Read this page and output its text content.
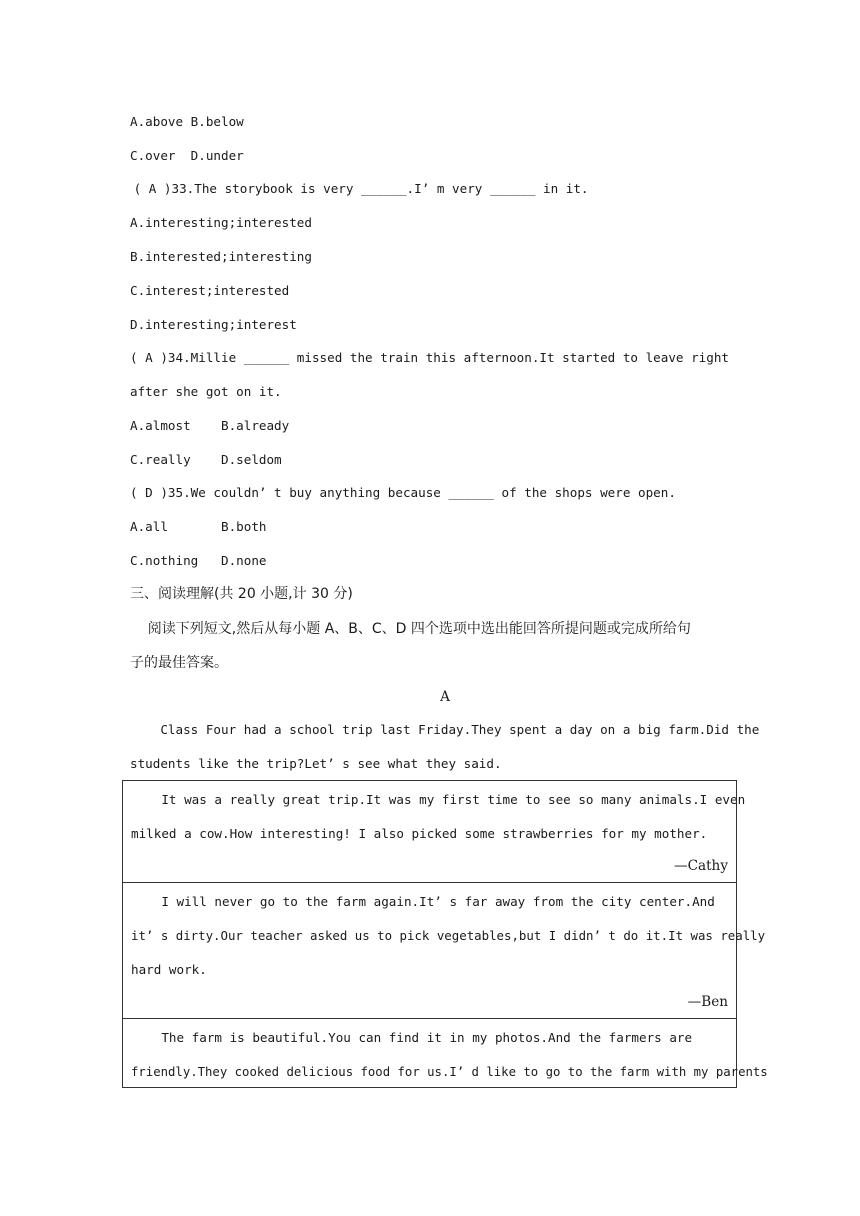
A.above B.below
C.over  D.under
( A )33.The storybook is very ______.I’ m very ______ in it.
A.interesting;interested
B.interested;interesting
C.interest;interested
D.interesting;interest
( A )34.Millie ______ missed the train this afternoon.It started to leave right
after she got on it.
A.almost    B.already
C.really    D.seldom
( D )35.We couldn’ t buy anything because ______ of the shops were open.
A.all       B.both
C.nothing   D.none
三、阅读理解(共 20 小题,计 30 分)
阅读下列短文,然后从每小题 A、B、C、D 四个选项中选出能回答所提问题或完成所给句
子的最佳答案。
A
Class Four had a school trip last Friday.They spent a day on a big farm.Did the
students like the trip?Let’ s see what they said.
It was a really great trip.It was my first time to see so many animals.I even
milked a cow.How interesting! I also picked some strawberries for my mother.
—Cathy
I will never go to the farm again.It’ s far away from the city center.And
it’ s dirty.Our teacher asked us to pick vegetables,but I didn’ t do it.It was really
hard work.
—Ben
The farm is beautiful.You can find it in my photos.And the farmers are
friendly.They cooked delicious food for us.I’ d like to go to the farm with my parents
